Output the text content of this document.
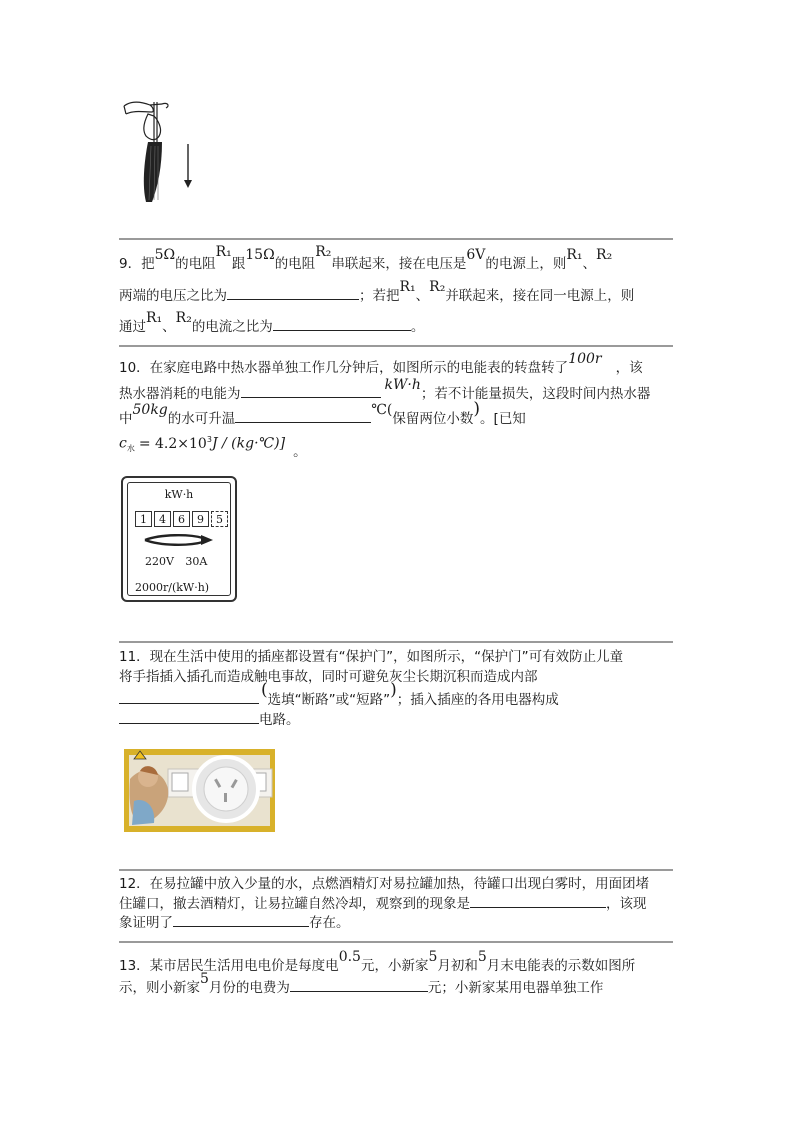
9．把5Ω的电阻R₁跟15Ω的电阻R₂串联起来，接在电压是6V的电源上，则R₁、R₂
两端的电压之比为	；若把R₁、R₂并联起来，接在同一电源上，则
通过R₁、R₂的电流之比为	。
10．在家庭电路中热水器单独工作几分钟后，如图所示的电能表的转盘转了100r，该
热水器消耗的电能为kW·h；若不计能量损失，这段时间内热水器
中50kg的水可升温℃(保留两位小数)。[已知
$c_水 = 4.2\times 10^3J$ / (kg·℃)] 。
kW·h
1	4	6	9	5
220V 30A
2000r/(kW·h)
11．现在生活中使用的插座都设置有“保护门”，如图所示，“保护门”可有效防止儿童
将手指插入插孔而造成触电事故，同时可避免灰尘长期沉积而造成内部
(选填“断路”或“短路”)；插入插座的各用电器构成
电路。
12．在易拉罐中放入少量的水，点燃酒精灯对易拉罐加热，待罐口出现白雾时，用面团堵
住罐口，撤去酒精灯，让易拉罐自然冷却，观察到的现象是	，该现
象证明了	存在。
13．某市居民生活用电电价是每度电0.5元，小新家5月初和5月末电能表的示数如图所
示，则小新家5月份的电费为	元；小新家某用电器单独工作
